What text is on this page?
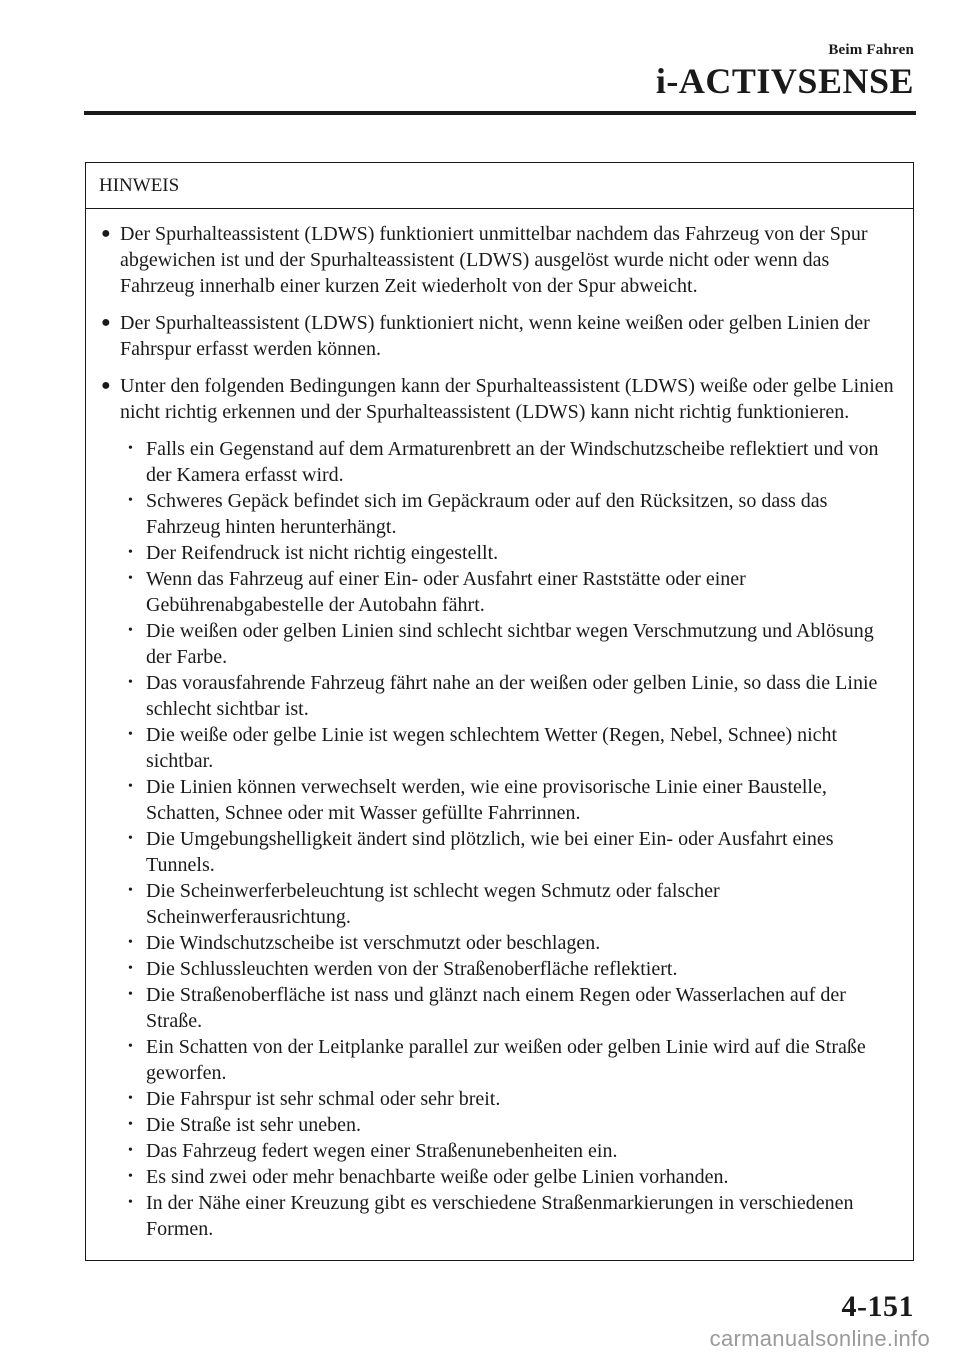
Beim Fahren
i-ACTIVSENSE
HINWEIS
● Der Spurhalteassistent (LDWS) funktioniert unmittelbar nachdem das Fahrzeug von der Spur abgewichen ist und der Spurhalteassistent (LDWS) ausgelöst wurde nicht oder wenn das Fahrzeug innerhalb einer kurzen Zeit wiederholt von der Spur abweicht.
● Der Spurhalteassistent (LDWS) funktioniert nicht, wenn keine weißen oder gelben Linien der Fahrspur erfasst werden können.
● Unter den folgenden Bedingungen kann der Spurhalteassistent (LDWS) weiße oder gelbe Linien nicht richtig erkennen und der Spurhalteassistent (LDWS) kann nicht richtig funktionieren.
• Falls ein Gegenstand auf dem Armaturenbrett an der Windschutzscheibe reflektiert und von der Kamera erfasst wird.
• Schweres Gepäck befindet sich im Gepäckraum oder auf den Rücksitzen, so dass das Fahrzeug hinten herunterhängt.
• Der Reifendruck ist nicht richtig eingestellt.
• Wenn das Fahrzeug auf einer Ein- oder Ausfahrt einer Raststätte oder einer Gebührenabgabestelle der Autobahn fährt.
• Die weißen oder gelben Linien sind schlecht sichtbar wegen Verschmutzung und Ablösung der Farbe.
• Das vorausfahrende Fahrzeug fährt nahe an der weißen oder gelben Linie, so dass die Linie schlecht sichtbar ist.
• Die weiße oder gelbe Linie ist wegen schlechtem Wetter (Regen, Nebel, Schnee) nicht sichtbar.
• Die Linien können verwechselt werden, wie eine provisorische Linie einer Baustelle, Schatten, Schnee oder mit Wasser gefüllte Fahrrinnen.
• Die Umgebungshelligkeit ändert sind plötzlich, wie bei einer Ein- oder Ausfahrt eines Tunnels.
• Die Scheinwerferbeleuchtung ist schlecht wegen Schmutz oder falscher Scheinwerferausrichtung.
• Die Windschutzscheibe ist verschmutzt oder beschlagen.
• Die Schlussleuchten werden von der Straßenoberfläche reflektiert.
• Die Straßenoberfläche ist nass und glänzt nach einem Regen oder Wasserlachen auf der Straße.
• Ein Schatten von der Leitplanke parallel zur weißen oder gelben Linie wird auf die Straße geworfen.
• Die Fahrspur ist sehr schmal oder sehr breit.
• Die Straße ist sehr uneben.
• Das Fahrzeug federt wegen einer Straßenunebenheiten ein.
• Es sind zwei oder mehr benachbarte weiße oder gelbe Linien vorhanden.
• In der Nähe einer Kreuzung gibt es verschiedene Straßenmarkierungen in verschiedenen Formen.
4-151
carmanualsonline.info
